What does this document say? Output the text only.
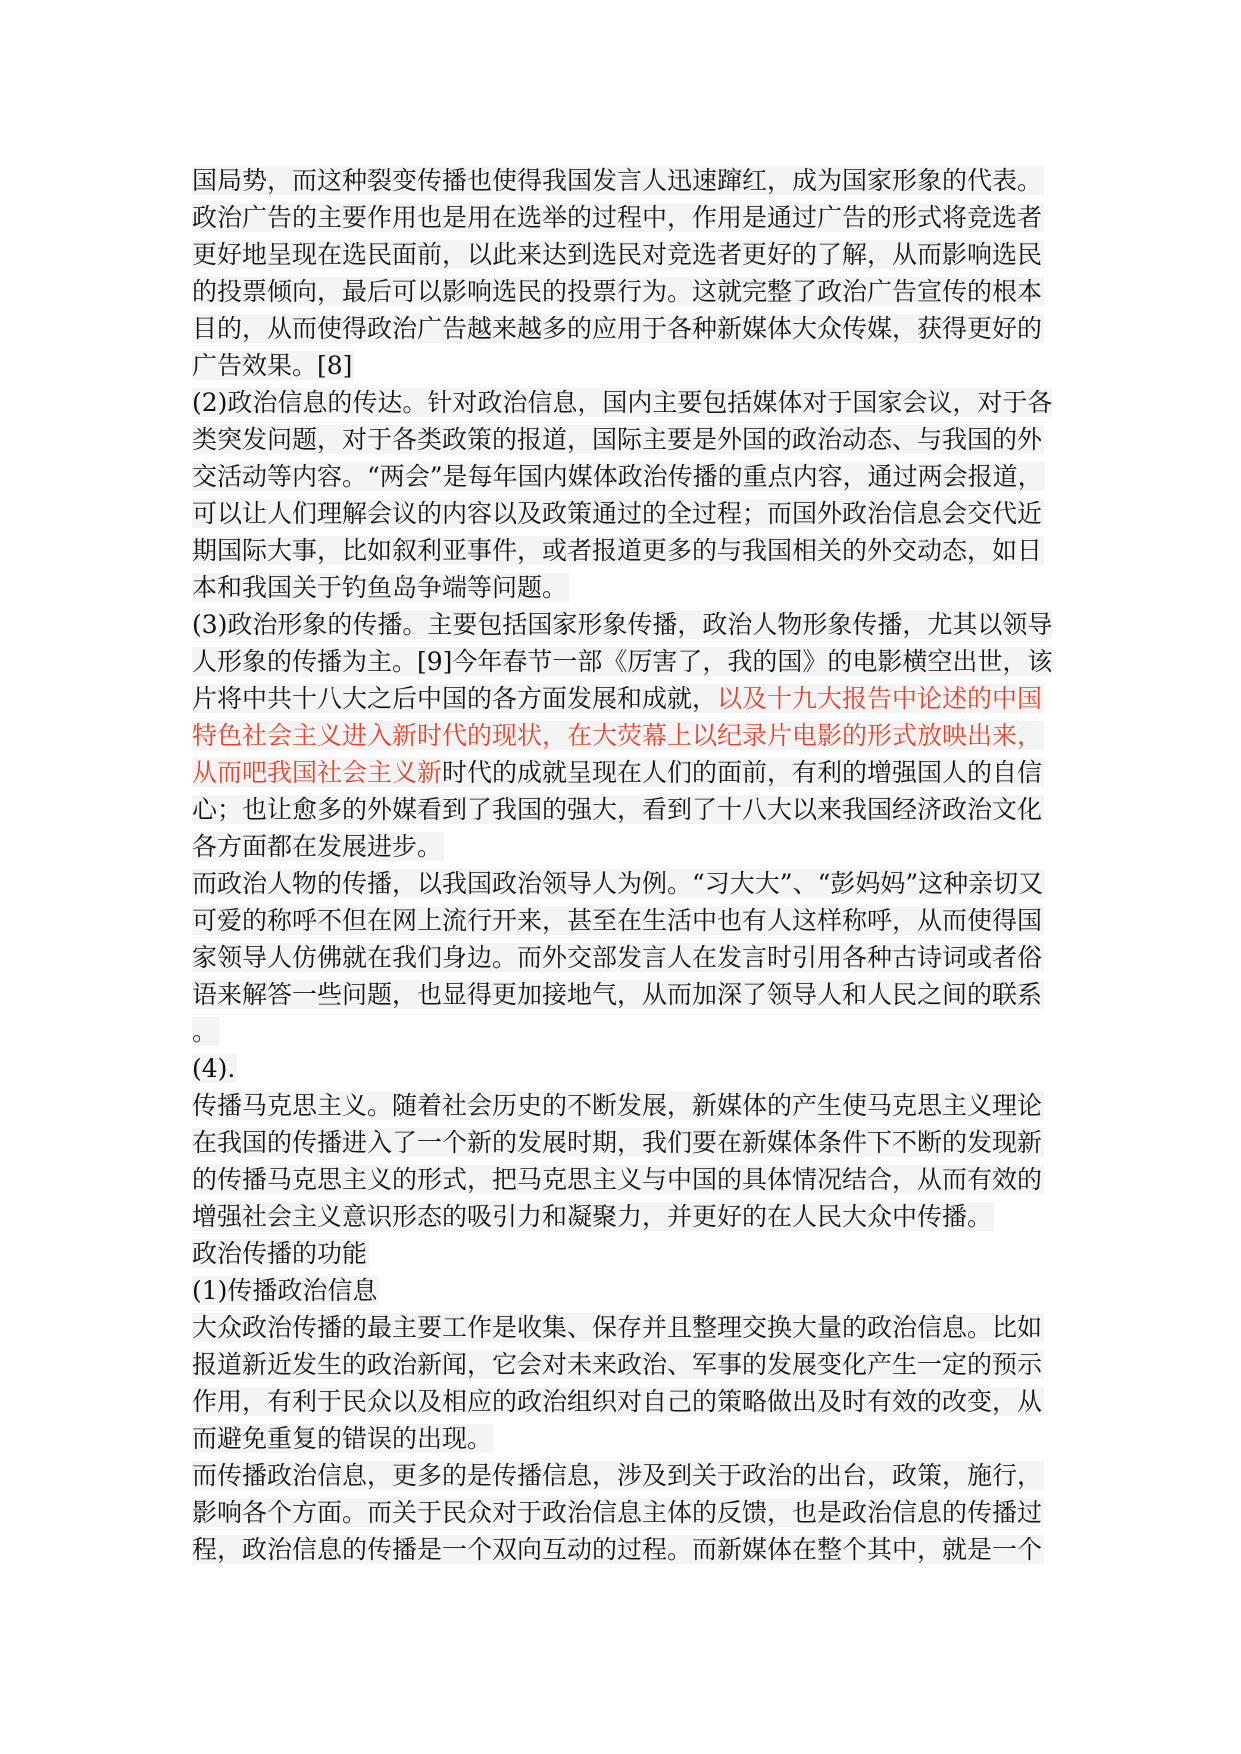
国局势，而这种裂变传播也使得我国发言人迅速蹿红，成为国家形象的代表。
政治广告的主要作用也是用在选举的过程中，作用是通过广告的形式将竞选者
更好地呈现在选民面前，以此来达到选民对竞选者更好的了解，从而影响选民
的投票倾向，最后可以影响选民的投票行为。这就完整了政治广告宣传的根本
目的，从而使得政治广告越来越多的应用于各种新媒体大众传媒，获得更好的
广告效果。[8]
(2)政治信息的传达。针对政治信息，国内主要包括媒体对于国家会议，对于各
类突发问题，对于各类政策的报道，国际主要是外国的政治动态、与我国的外
交活动等内容。“两会”是每年国内媒体政治传播的重点内容，通过两会报道，
可以让人们理解会议的内容以及政策通过的全过程；而国外政治信息会交代近
期国际大事，比如叙利亚事件，或者报道更多的与我国相关的外交动态，如日
本和我国关于钓鱼岛争端等问题。
(3)政治形象的传播。主要包括国家形象传播，政治人物形象传播，尤其以领导
人形象的传播为主。[9]今年春节一部《厉害了，我的国》的电影横空出世，该
片将中共十八大之后中国的各方面发展和成就，以及十九大报告中论述的中国
特色社会主义进入新时代的现状，在大荧幕上以纪录片电影的形式放映出来，
从而吧我国社会主义新时代的成就呈现在人们的面前，有利的增强国人的自信
心；也让愈多的外媒看到了我国的强大，看到了十八大以来我国经济政治文化
各方面都在发展进步。
而政治人物的传播，以我国政治领导人为例。“习大大”、“彭妈妈”这种亲切又
可爱的称呼不但在网上流行开来，甚至在生活中也有人这样称呼，从而使得国
家领导人仿佛就在我们身边。而外交部发言人在发言时引用各种古诗词或者俗
语来解答一些问题，也显得更加接地气，从而加深了领导人和人民之间的联系
。
(4).
传播马克思主义。随着社会历史的不断发展，新媒体的产生使马克思主义理论
在我国的传播进入了一个新的发展时期，我们要在新媒体条件下不断的发现新
的传播马克思主义的形式，把马克思主义与中国的具体情况结合，从而有效的
增强社会主义意识形态的吸引力和凝聚力，并更好的在人民大众中传播。
政治传播的功能
(1)传播政治信息
大众政治传播的最主要工作是收集、保存并且整理交换大量的政治信息。比如
报道新近发生的政治新闻，它会对未来政治、军事的发展变化产生一定的预示
作用，有利于民众以及相应的政治组织对自己的策略做出及时有效的改变，从
而避免重复的错误的出现。
而传播政治信息，更多的是传播信息，涉及到关于政治的出台，政策，施行，
影响各个方面。而关于民众对于政治信息主体的反馈，也是政治信息的传播过
程，政治信息的传播是一个双向互动的过程。而新媒体在整个其中，就是一个
